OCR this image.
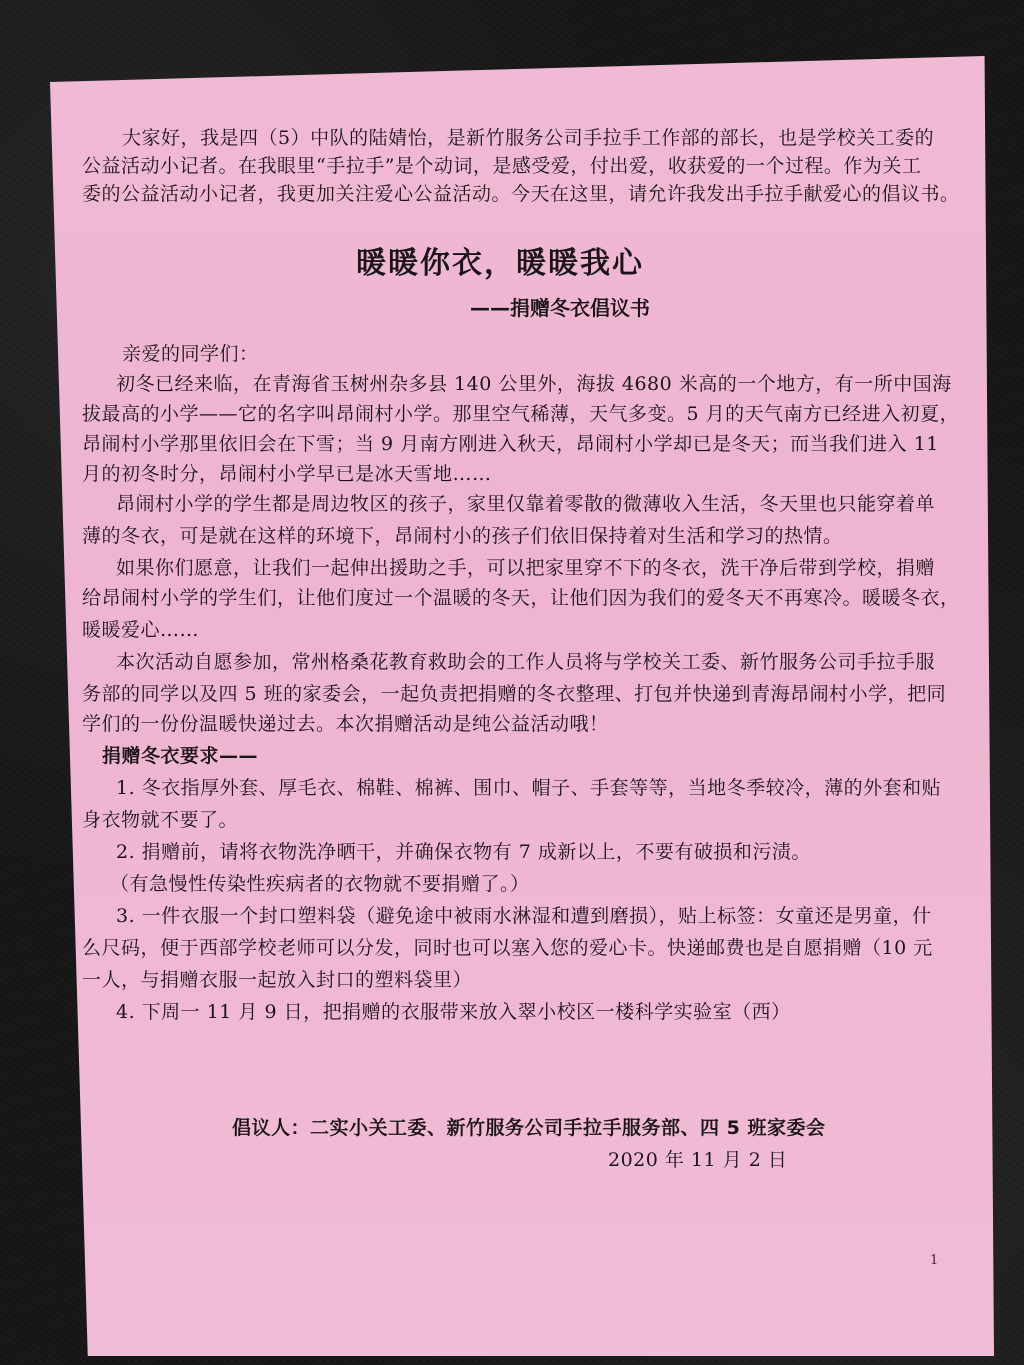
大家好，我是四（5）中队的陆婧怡，是新竹服务公司手拉手工作部的部长，也是学校关工委的
公益活动小记者。在我眼里“手拉手”是个动词，是感受爱，付出爱，收获爱的一个过程。作为关工
委的公益活动小记者，我更加关注爱心公益活动。今天在这里，请允许我发出手拉手献爱心的倡议书。
暖暖你衣，暖暖我心
——捐赠冬衣倡议书
亲爱的同学们：
初冬已经来临，在青海省玉树州杂多县 140 公里外，海拔 4680 米高的一个地方，有一所中国海
拔最高的小学——它的名字叫昂闹村小学。那里空气稀薄，天气多变。5 月的天气南方已经进入初夏，
昂闹村小学那里依旧会在下雪；当 9 月南方刚进入秋天，昂闹村小学却已是冬天；而当我们进入 11
月的初冬时分，昂闹村小学早已是冰天雪地……
昂闹村小学的学生都是周边牧区的孩子，家里仅靠着零散的微薄收入生活，冬天里也只能穿着单
薄的冬衣，可是就在这样的环境下，昂闹村小的孩子们依旧保持着对生活和学习的热情。
如果你们愿意，让我们一起伸出援助之手，可以把家里穿不下的冬衣，洗干净后带到学校，捐赠
给昂闹村小学的学生们，让他们度过一个温暖的冬天，让他们因为我们的爱冬天不再寒冷。暖暖冬衣，
暖暖爱心……
本次活动自愿参加，常州格桑花教育救助会的工作人员将与学校关工委、新竹服务公司手拉手服
务部的同学以及四 5 班的家委会，一起负责把捐赠的冬衣整理、打包并快递到青海昂闹村小学，把同
学们的一份份温暖快递过去。本次捐赠活动是纯公益活动哦！
捐赠冬衣要求——
1. 冬衣指厚外套、厚毛衣、棉鞋、棉裤、围巾、帽子、手套等等，当地冬季较冷，薄的外套和贴
身衣物就不要了。
2. 捐赠前，请将衣物洗净晒干，并确保衣物有 7 成新以上，不要有破损和污渍。
（有急慢性传染性疾病者的衣物就不要捐赠了。）
3. 一件衣服一个封口塑料袋（避免途中被雨水淋湿和遭到磨损），贴上标签：女童还是男童，什
么尺码，便于西部学校老师可以分发，同时也可以塞入您的爱心卡。快递邮费也是自愿捐赠（10 元
一人，与捐赠衣服一起放入封口的塑料袋里）
4. 下周一 11 月 9 日，把捐赠的衣服带来放入翠小校区一楼科学实验室（西）
倡议人：二实小关工委、新竹服务公司手拉手服务部、四 5 班家委会
2020 年 11 月 2 日
1
